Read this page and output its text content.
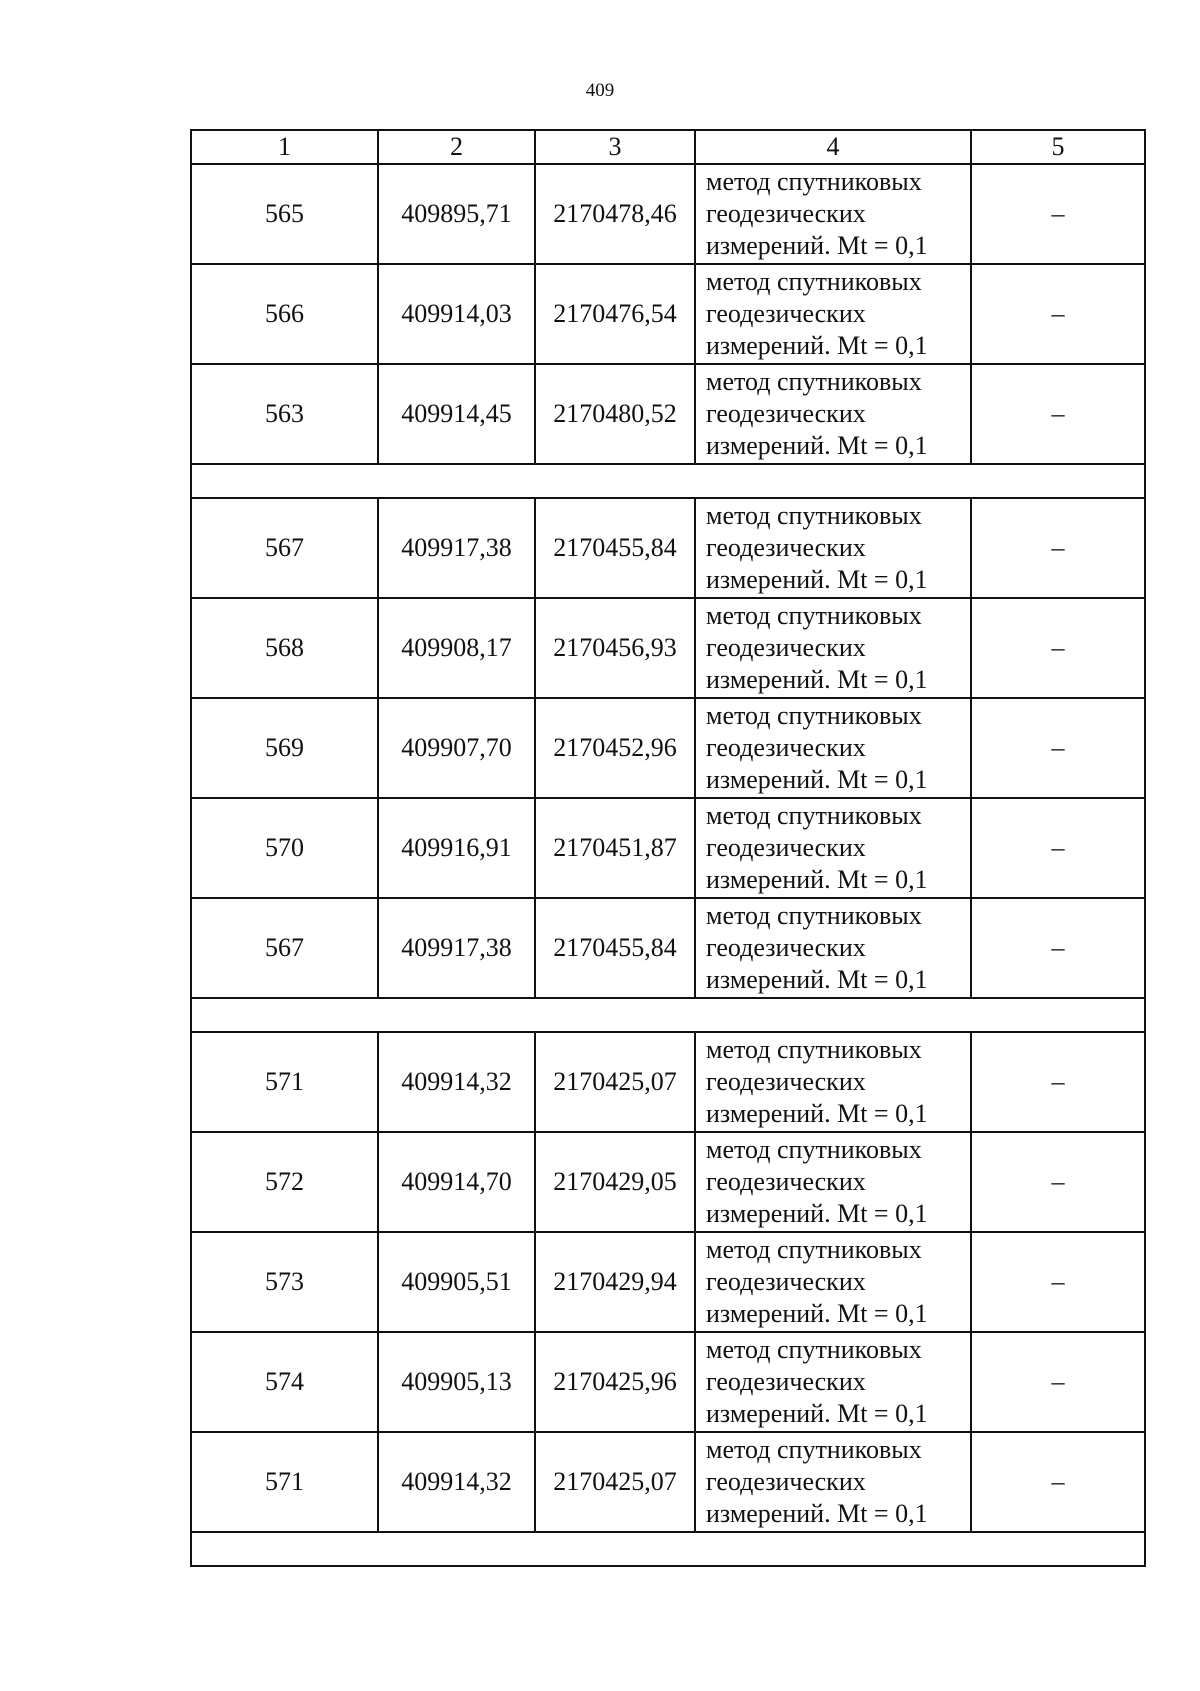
409
1	2	3	4	5
565	409895,71	2170478,46	метод спутниковых
геодезических
измерений. Mt = 0,1	–
566	409914,03	2170476,54	метод спутниковых
геодезических
измерений. Mt = 0,1	–
563	409914,45	2170480,52	метод спутниковых
геодезических
измерений. Mt = 0,1	–

567	409917,38	2170455,84	метод спутниковых
геодезических
измерений. Mt = 0,1	–
568	409908,17	2170456,93	метод спутниковых
геодезических
измерений. Mt = 0,1	–
569	409907,70	2170452,96	метод спутниковых
геодезических
измерений. Mt = 0,1	–
570	409916,91	2170451,87	метод спутниковых
геодезических
измерений. Mt = 0,1	–
567	409917,38	2170455,84	метод спутниковых
геодезических
измерений. Mt = 0,1	–

571	409914,32	2170425,07	метод спутниковых
геодезических
измерений. Mt = 0,1	–
572	409914,70	2170429,05	метод спутниковых
геодезических
измерений. Mt = 0,1	–
573	409905,51	2170429,94	метод спутниковых
геодезических
измерений. Mt = 0,1	–
574	409905,13	2170425,96	метод спутниковых
геодезических
измерений. Mt = 0,1	–
571	409914,32	2170425,07	метод спутниковых
геодезических
измерений. Mt = 0,1	–
